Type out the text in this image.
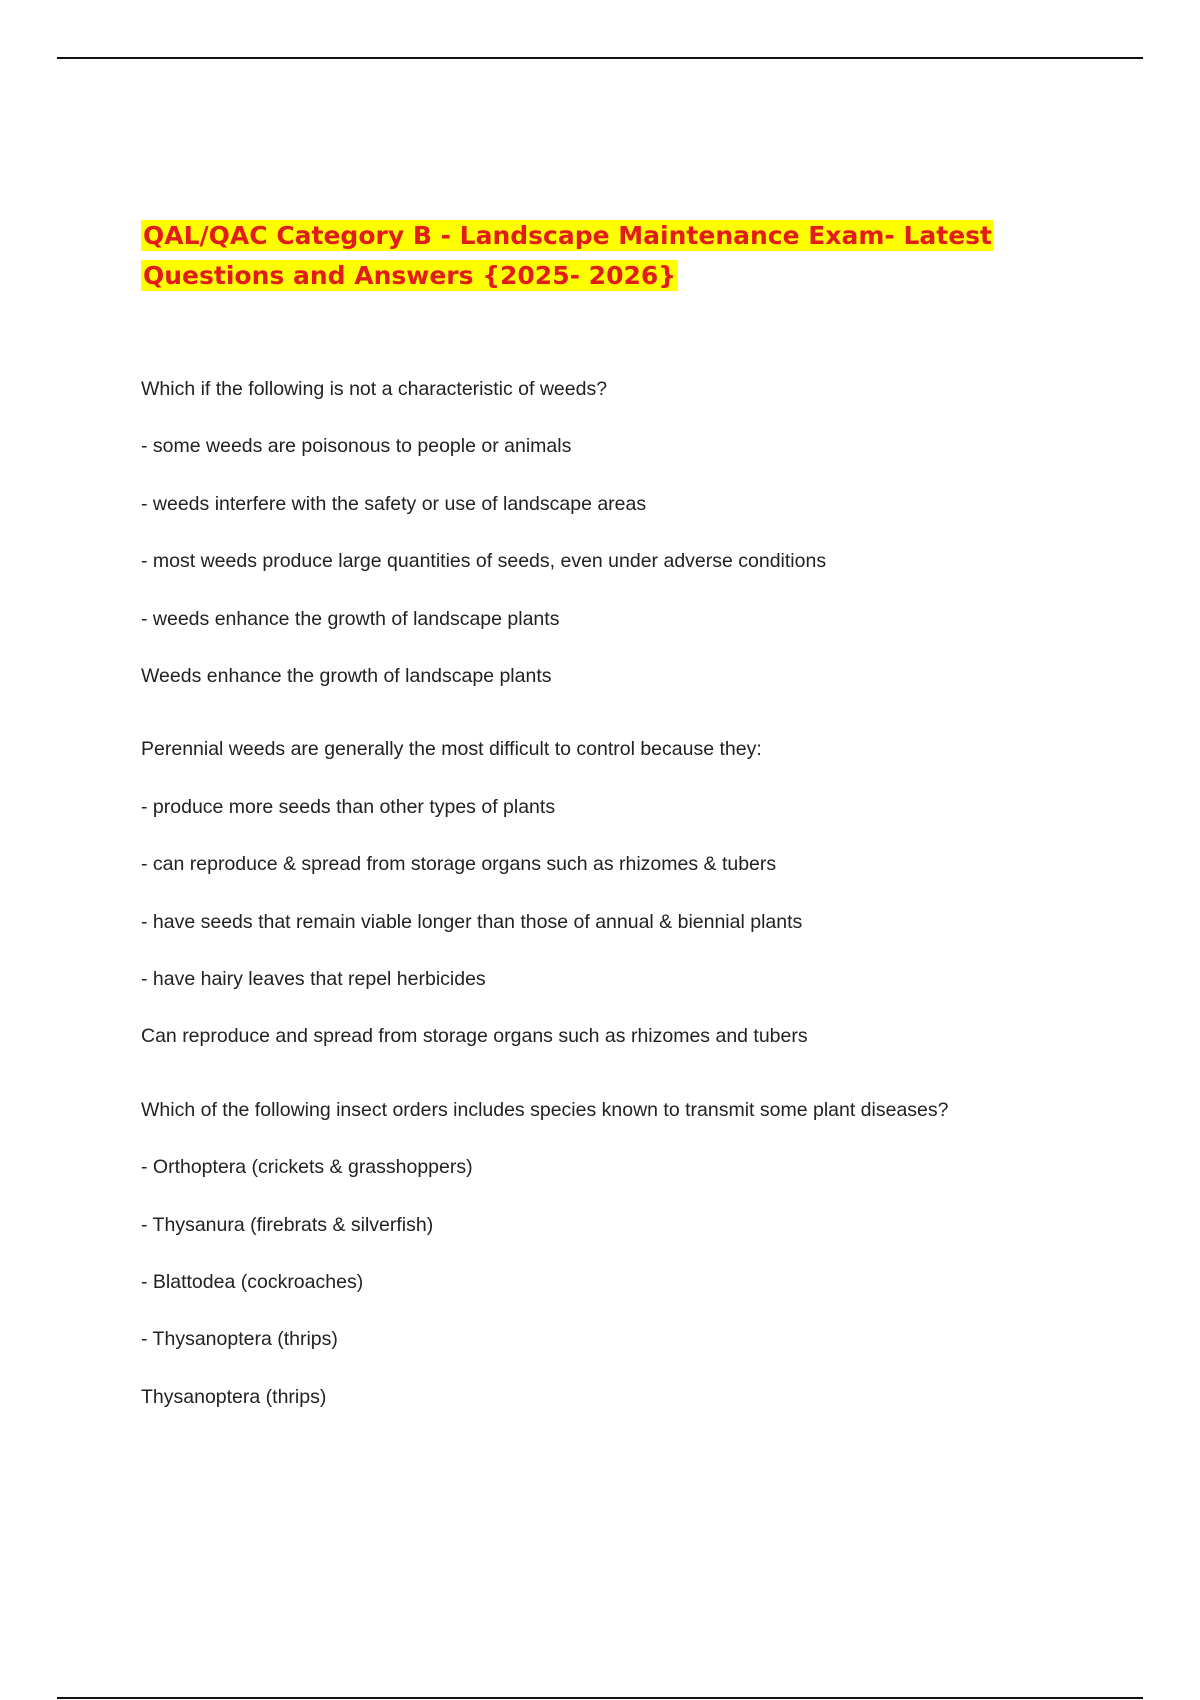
QAL/QAC Category B - Landscape Maintenance Exam- Latest
Questions and Answers {2025- 2026}
Which if the following is not a characteristic of weeds?
- some weeds are poisonous to people or animals
- weeds interfere with the safety or use of landscape areas
- most weeds produce large quantities of seeds, even under adverse conditions
- weeds enhance the growth of landscape plants
Weeds enhance the growth of landscape plants
Perennial weeds are generally the most difficult to control because they:
- produce more seeds than other types of plants
- can reproduce & spread from storage organs such as rhizomes & tubers
- have seeds that remain viable longer than those of annual & biennial plants
- have hairy leaves that repel herbicides
Can reproduce and spread from storage organs such as rhizomes and tubers
Which of the following insect orders includes species known to transmit some plant diseases?
- Orthoptera (crickets & grasshoppers)
- Thysanura (firebrats & silverfish)
- Blattodea (cockroaches)
- Thysanoptera (thrips)
Thysanoptera (thrips)
